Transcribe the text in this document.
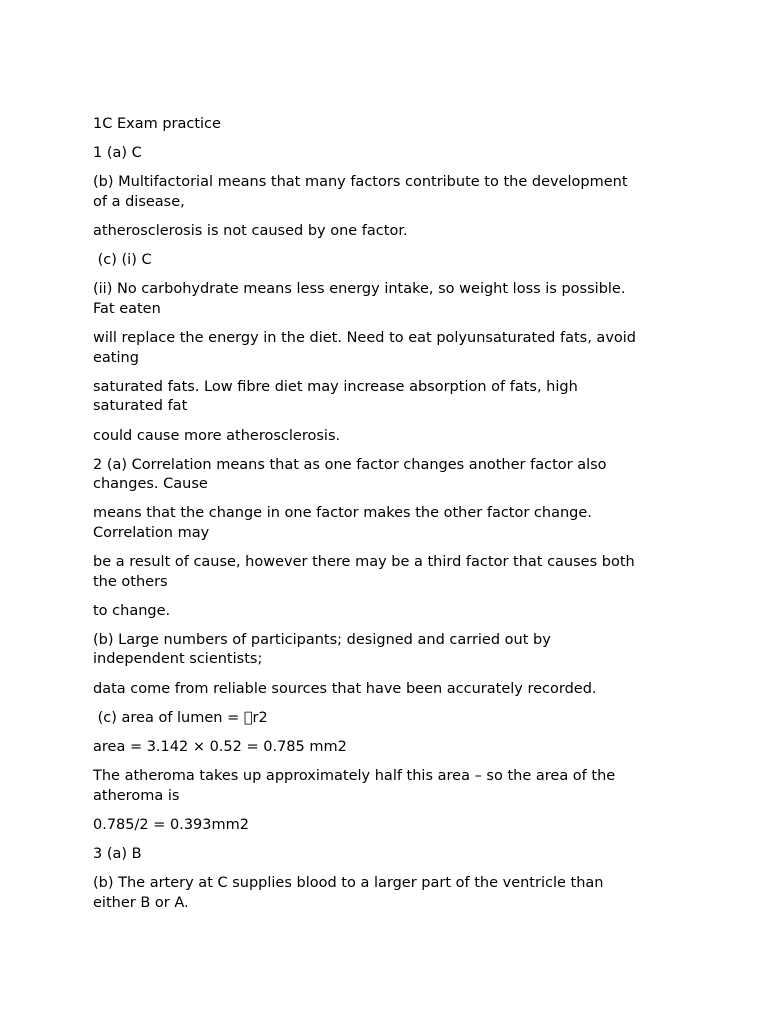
1C Exam practice

1 (a) C

(b) Multifactorial means that many factors contribute to the development
of a disease,

atherosclerosis is not caused by one factor.

(c) (i) C

(ii) No carbohydrate means less energy intake, so weight loss is possible.
Fat eaten

will replace the energy in the diet. Need to eat polyunsaturated fats, avoid
eating

saturated fats. Low fibre diet may increase absorption of fats, high
saturated fat

could cause more atherosclerosis.

2 (a) Correlation means that as one factor changes another factor also
changes. Cause

means that the change in one factor makes the other factor change.
Correlation may

be a result of cause, however there may be a third factor that causes both
the others

to change.

(b) Large numbers of participants; designed and carried out by
independent scientists;

data come from reliable sources that have been accurately recorded.

(c) area of lumen =  r2

area = 3.142 × 0.52 = 0.785 mm2

The atheroma takes up approximately half this area – so the area of the
atheroma is

0.785/2 = 0.393mm2

3 (a) B

(b) The artery at C supplies blood to a larger part of the ventricle than
either B or A.
